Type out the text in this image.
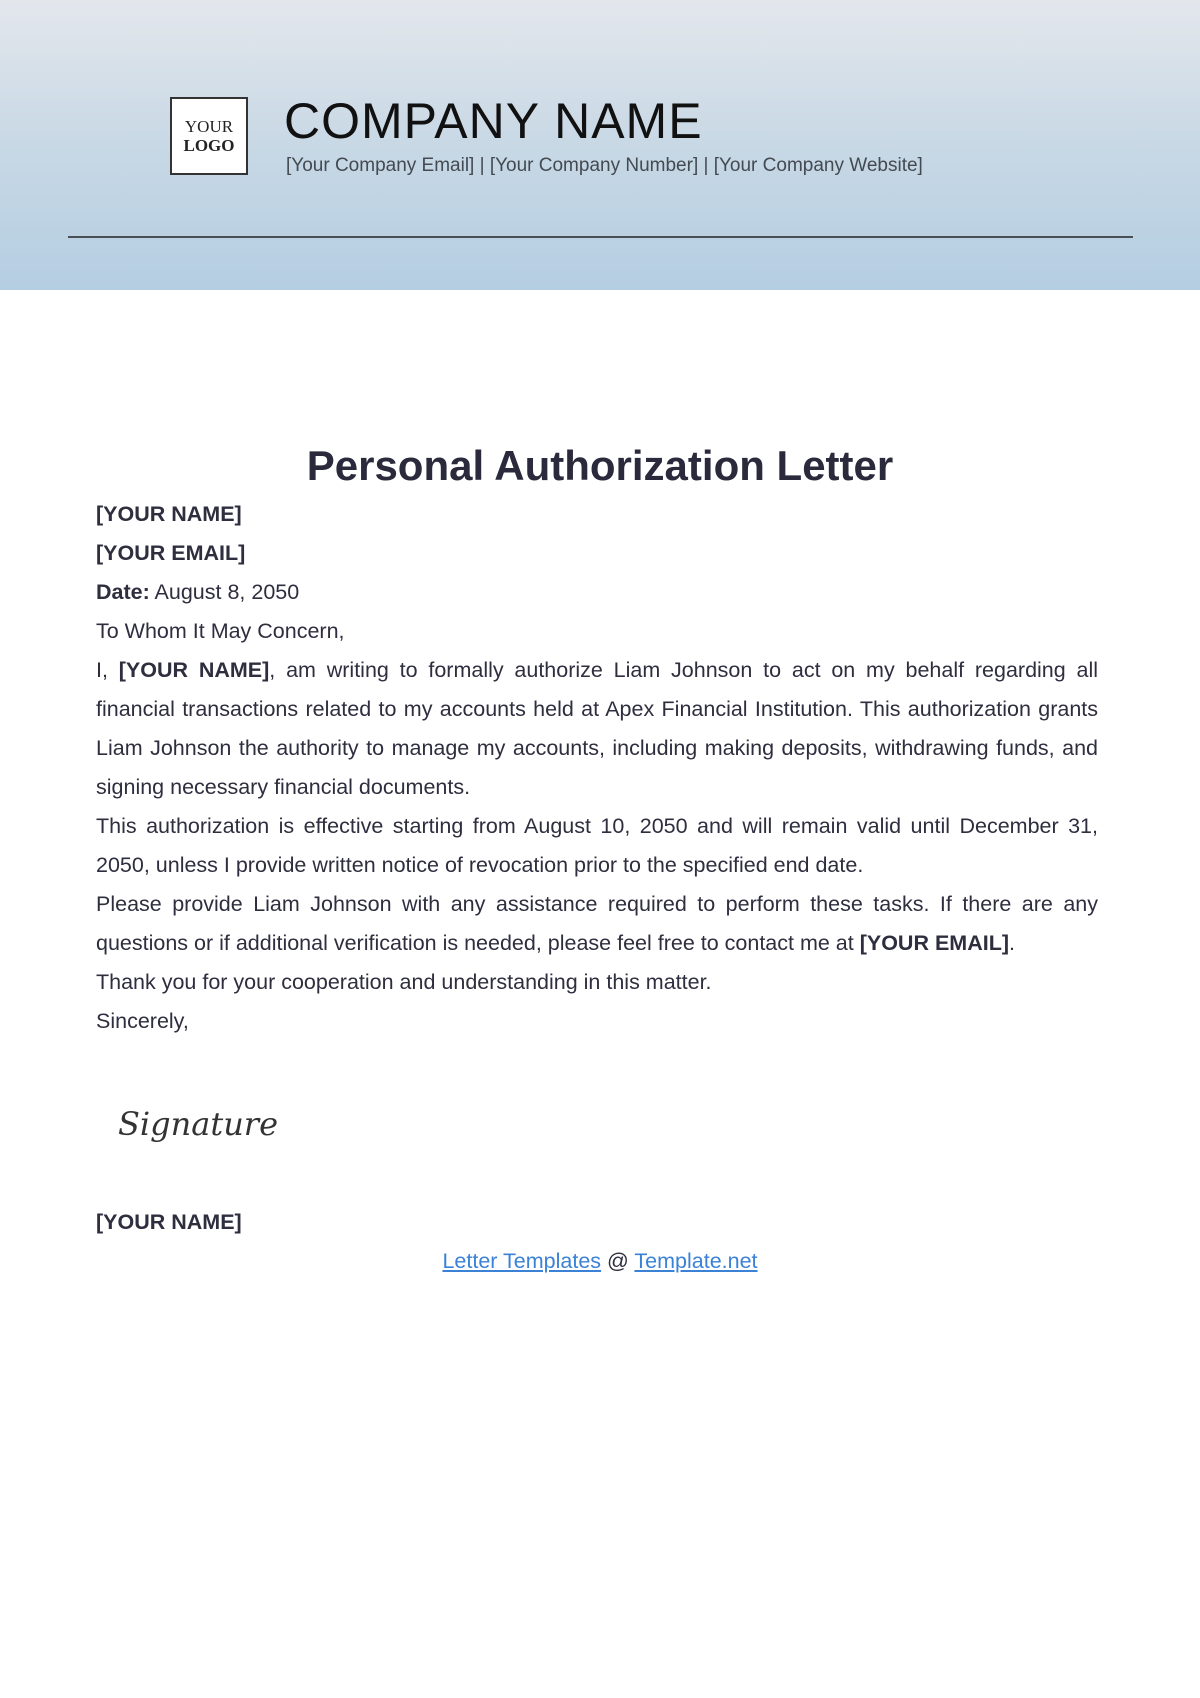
YOUR
LOGO COMPANY NAME
[Your Company Email] | [Your Company Number] | [Your Company Website]
Personal Authorization Letter

[YOUR NAME]

[YOUR EMAIL]

Date: August 8, 2050

To Whom It May Concern,

I, [YOUR NAME], am writing to formally authorize Liam Johnson to act on my behalf regarding all financial transactions related to my accounts held at Apex Financial Institution. This authorization grants Liam Johnson the authority to manage my accounts, including making deposits, withdrawing funds, and signing necessary financial documents.

This authorization is effective starting from August 10, 2050 and will remain valid until December 31, 2050, unless I provide written notice of revocation prior to the specified end date.

Please provide Liam Johnson with any assistance required to perform these tasks. If there are any questions or if additional verification is needed, please feel free to contact me at [YOUR EMAIL].

Thank you for your cooperation and understanding in this matter.

Sincerely,

Signature
[YOUR NAME]
Letter Templates @ Template.net
